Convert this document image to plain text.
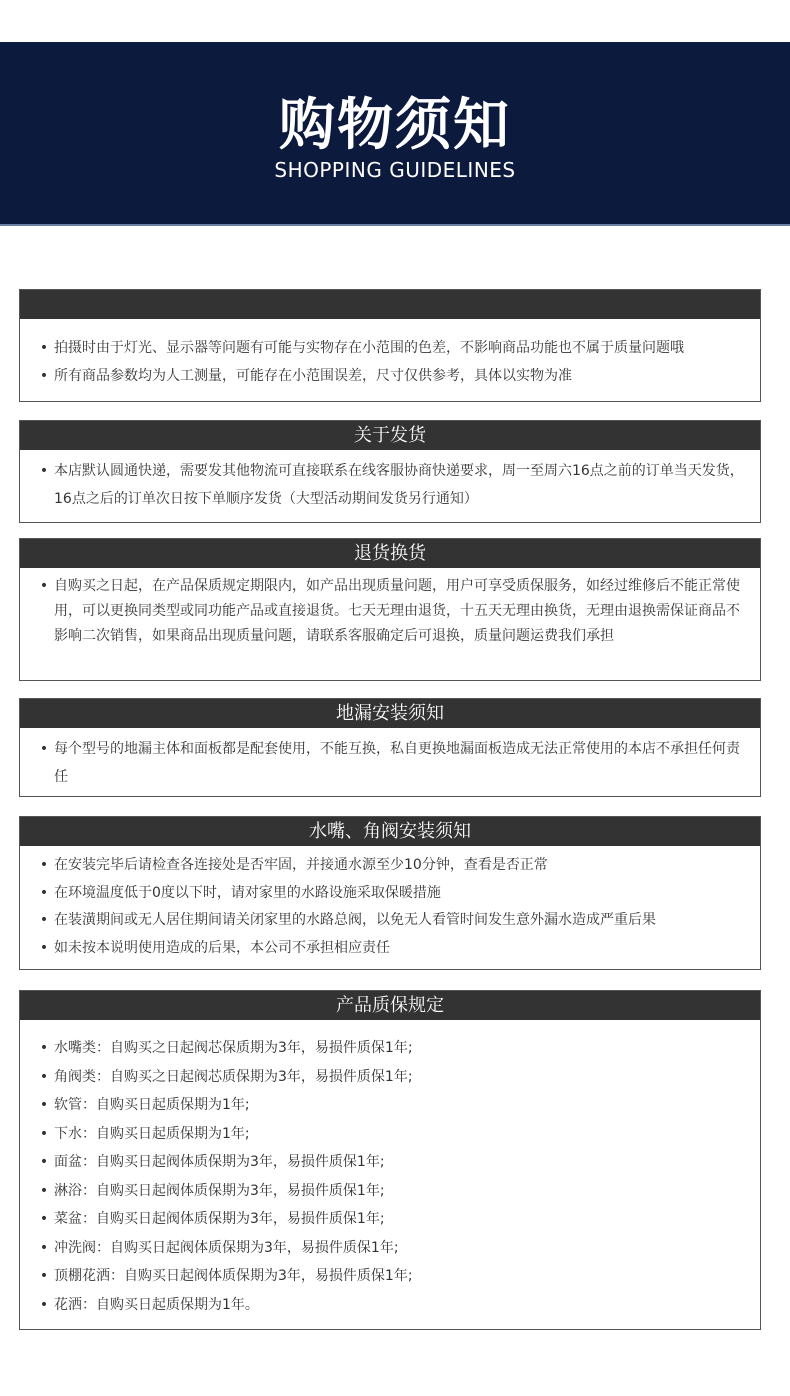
购物须知
SHOPPING GUIDELINES
• 拍摄时由于灯光、显示器等问题有可能与实物存在小范围的色差，不影响商品功能也不属于质量问题哦
• 所有商品参数均为人工测量，可能存在小范围误差，尺寸仅供参考，具体以实物为准
关于发货
• 本店默认圆通快递，需要发其他物流可直接联系在线客服协商快递要求，周一至周六16点之前的订单当天发货，16点之后的订单次日按下单顺序发货（大型活动期间发货另行通知）
退货换货
• 自购买之日起，在产品保质规定期限内，如产品出现质量问题，用户可享受质保服务，如经过维修后不能正常使用，可以更换同类型或同功能产品或直接退货。七天无理由退货，十五天无理由换货，无理由退换需保证商品不影响二次销售，如果商品出现质量问题，请联系客服确定后可退换，质量问题运费我们承担
地漏安装须知
• 每个型号的地漏主体和面板都是配套使用，不能互换，私自更换地漏面板造成无法正常使用的本店不承担任何责任
水嘴、角阀安装须知
• 在安装完毕后请检查各连接处是否牢固，并接通水源至少10分钟，查看是否正常
• 在环境温度低于0度以下时，请对家里的水路设施采取保暖措施
• 在装潢期间或无人居住期间请关闭家里的水路总阀，以免无人看管时间发生意外漏水造成严重后果
• 如未按本说明使用造成的后果，本公司不承担相应责任
产品质保规定
• 水嘴类：自购买之日起阀芯保质期为3年，易损件质保1年;
• 角阀类：自购买之日起阀芯质保期为3年，易损件质保1年;
• 软管：自购买日起质保期为1年;
• 下水：自购买日起质保期为1年;
• 面盆：自购买日起阀体质保期为3年，易损件质保1年;
• 淋浴：自购买日起阀体质保期为3年，易损件质保1年;
• 菜盆：自购买日起阀体质保期为3年，易损件质保1年;
• 冲洗阀：自购买日起阀体质保期为3年，易损件质保1年;
• 顶棚花洒：自购买日起阀体质保期为3年，易损件质保1年;
• 花洒：自购买日起质保期为1年。
